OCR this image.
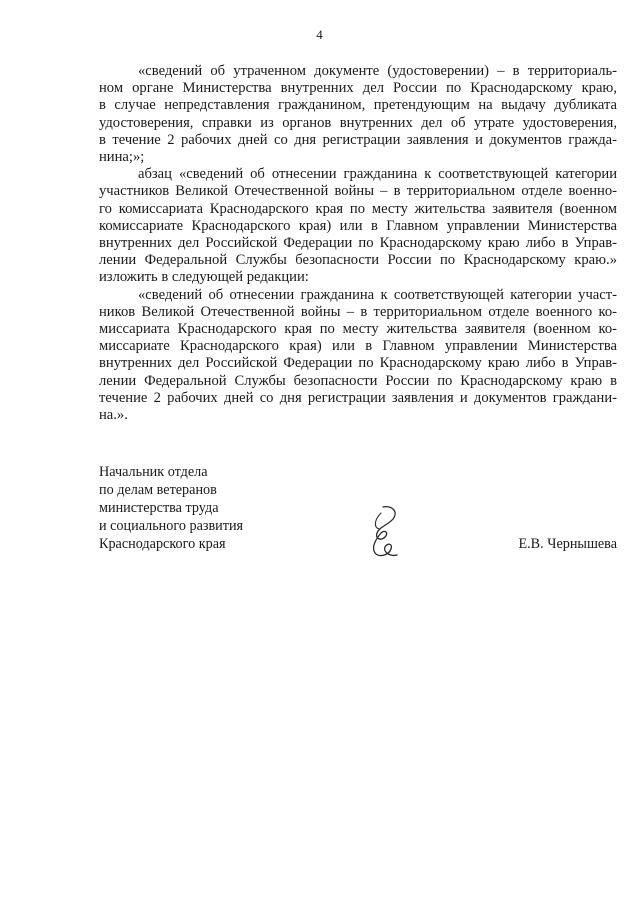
4

«сведений об утраченном документе (удостоверении) – в территориаль-
ном органе Министерства внутренних дел России по Краснодарскому краю,
в случае непредставления гражданином, претендующим на выдачу дубликата
удостоверения, справки из органов внутренних дел об утрате удостоверения,
в течение 2 рабочих дней со дня регистрации заявления и документов гражда-
нина;»;

абзац «сведений об отнесении гражданина к соответствующей категории
участников Великой Отечественной войны – в территориальном отделе военно-
го комиссариата Краснодарского края по месту жительства заявителя (военном
комиссариате Краснодарского края) или в Главном управлении Министерства
внутренних дел Российской Федерации по Краснодарскому краю либо в Управ-
лении Федеральной Службы безопасности России по Краснодарскому краю.»
изложить в следующей редакции:

«сведений об отнесении гражданина к соответствующей категории участ-
ников Великой Отечественной войны – в территориальном отделе военного ко-
миссариата Краснодарского края по месту жительства заявителя (военном ко-
миссариате Краснодарского края) или в Главном управлении Министерства
внутренних дел Российской Федерации по Краснодарскому краю либо в Управ-
лении Федеральной Службы безопасности России по Краснодарскому краю в
течение 2 рабочих дней со дня регистрации заявления и документов граждани-
на.».

Начальник отдела
по делам ветеранов
министерства труда
и социального развития
Краснодарского края	Е.В. Чернышева
